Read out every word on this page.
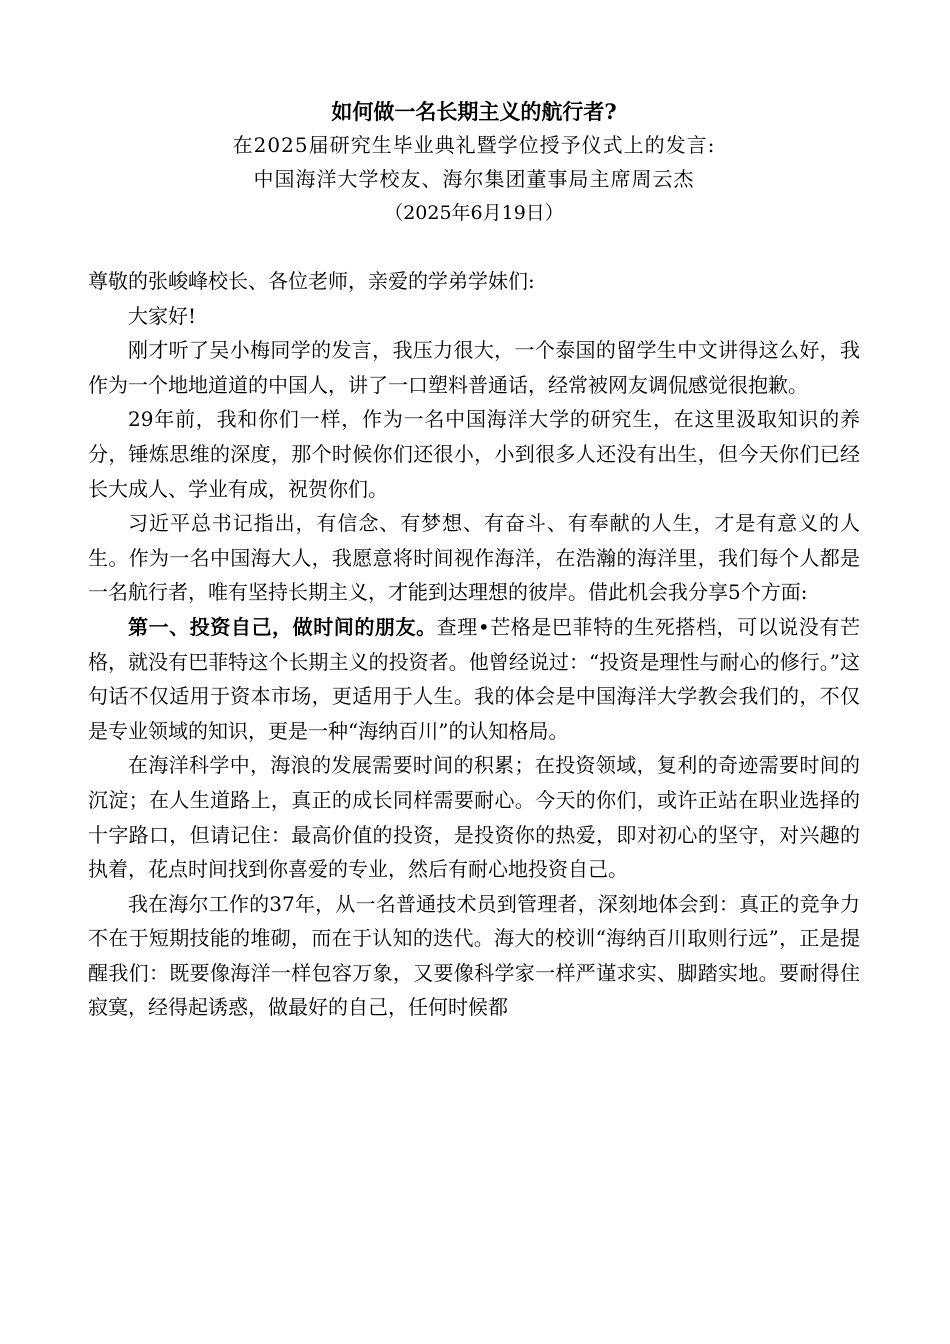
如何做一名长期主义的航行者?

在2025届研究生毕业典礼暨学位授予仪式上的发言:

中国海洋大学校友、海尔集团董事局主席周云杰

（2025年6月19日）

尊敬的张峻峰校长、各位老师，亲爱的学弟学妹们:

大家好!

刚才听了吴小梅同学的发言，我压力很大，一个泰国的留学生中文讲得这么好，我作为一个地地道道的中国人，讲了一口塑料普通话，经常被网友调侃感觉很抱歉。

29年前，我和你们一样，作为一名中国海洋大学的研究生，在这里汲取知识的养分，锤炼思维的深度，那个时候你们还很小，小到很多人还没有出生，但今天你们已经长大成人、学业有成，祝贺你们。

习近平总书记指出，有信念、有梦想、有奋斗、有奉献的人生，才是有意义的人生。作为一名中国海大人，我愿意将时间视作海洋，在浩瀚的海洋里，我们每个人都是一名航行者，唯有坚持长期主义，才能到达理想的彼岸。借此机会我分享5个方面:

第一、投资自己，做时间的朋友。查理•芒格是巴菲特的生死搭档，可以说没有芒格，就没有巴菲特这个长期主义的投资者。他曾经说过：“投资是理性与耐心的修行。”这句话不仅适用于资本市场，更适用于人生。我的体会是中国海洋大学教会我们的，不仅是专业领域的知识，更是一种“海纳百川”的认知格局。

在海洋科学中，海浪的发展需要时间的积累；在投资领域，复利的奇迹需要时间的沉淀；在人生道路上，真正的成长同样需要耐心。今天的你们，或许正站在职业选择的十字路口，但请记住：最高价值的投资，是投资你的热爱，即对初心的坚守，对兴趣的执着，花点时间找到你喜爱的专业，然后有耐心地投资自己。

我在海尔工作的37年，从一名普通技术员到管理者，深刻地体会到：真正的竞争力不在于短期技能的堆砌，而在于认知的迭代。海大的校训“海纳百川取则行远”，正是提醒我们：既要像海洋一样包容万象，又要像科学家一样严谨求实、脚踏实地。要耐得住寂寞，经得起诱惑，做最好的自己，任何时候都
